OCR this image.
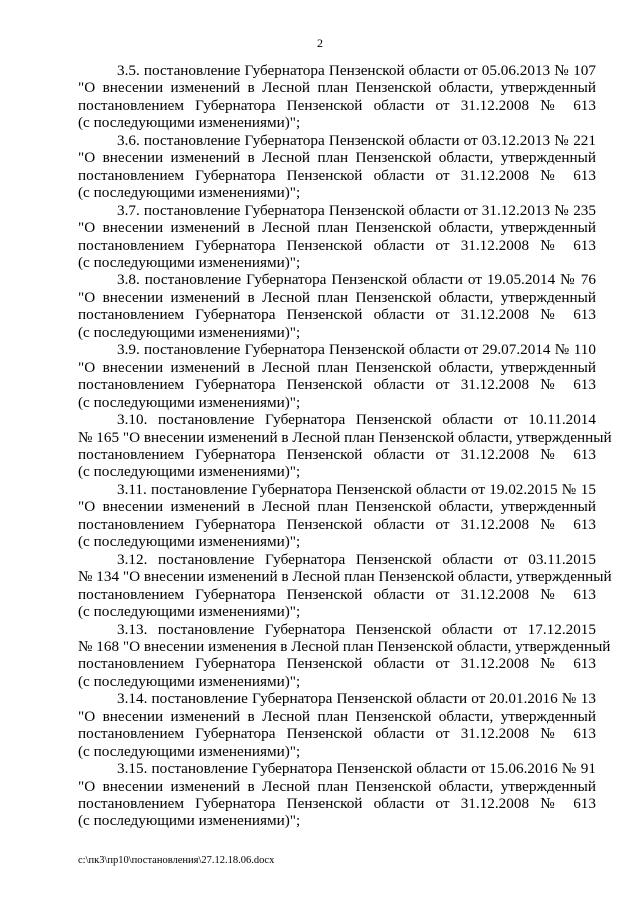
2
3.5. постановление Губернатора Пензенской области от 05.06.2013 № 107
"О внесении изменений в Лесной план Пензенской области, утвержденный
постановлением Губернатора Пензенской области от 31.12.2008 № 613
(с последующими изменениями)";
3.6. постановление Губернатора Пензенской области от 03.12.2013 № 221
"О внесении изменений в Лесной план Пензенской области, утвержденный
постановлением Губернатора Пензенской области от 31.12.2008 № 613
(с последующими изменениями)";
3.7. постановление Губернатора Пензенской области от 31.12.2013 № 235
"О внесении изменений в Лесной план Пензенской области, утвержденный
постановлением Губернатора Пензенской области от 31.12.2008 № 613
(с последующими изменениями)";
3.8. постановление Губернатора Пензенской области от 19.05.2014 № 76
"О внесении изменений в Лесной план Пензенской области, утвержденный
постановлением Губернатора Пензенской области от 31.12.2008 № 613
(с последующими изменениями)";
3.9. постановление Губернатора Пензенской области от 29.07.2014 № 110
"О внесении изменений в Лесной план Пензенской области, утвержденный
постановлением Губернатора Пензенской области от 31.12.2008 № 613
(с последующими изменениями)";
3.10. постановление Губернатора Пензенской области от 10.11.2014
№ 165 "О внесении изменений в Лесной план Пензенской области, утвержденный
постановлением Губернатора Пензенской области от 31.12.2008 № 613
(с последующими изменениями)";
3.11. постановление Губернатора Пензенской области от 19.02.2015 № 15
"О внесении изменений в Лесной план Пензенской области, утвержденный
постановлением Губернатора Пензенской области от 31.12.2008 № 613
(с последующими изменениями)";
3.12. постановление Губернатора Пензенской области от 03.11.2015
№ 134 "О внесении изменений в Лесной план Пензенской области, утвержденный
постановлением Губернатора Пензенской области от 31.12.2008 № 613
(с последующими изменениями)";
3.13. постановление Губернатора Пензенской области от 17.12.2015
№ 168 "О внесении изменения в Лесной план Пензенской области, утвержденный
постановлением Губернатора Пензенской области от 31.12.2008 № 613
(с последующими изменениями)";
3.14. постановление Губернатора Пензенской области от 20.01.2016 № 13
"О внесении изменений в Лесной план Пензенской области, утвержденный
постановлением Губернатора Пензенской области от 31.12.2008 № 613
(с последующими изменениями)";
3.15. постановление Губернатора Пензенской области от 15.06.2016 № 91
"О внесении изменений в Лесной план Пензенской области, утвержденный
постановлением Губернатора Пензенской области от 31.12.2008 № 613
(с последующими изменениями)";
c:\пк3\пр10\постановления\27.12.18.06.docx
